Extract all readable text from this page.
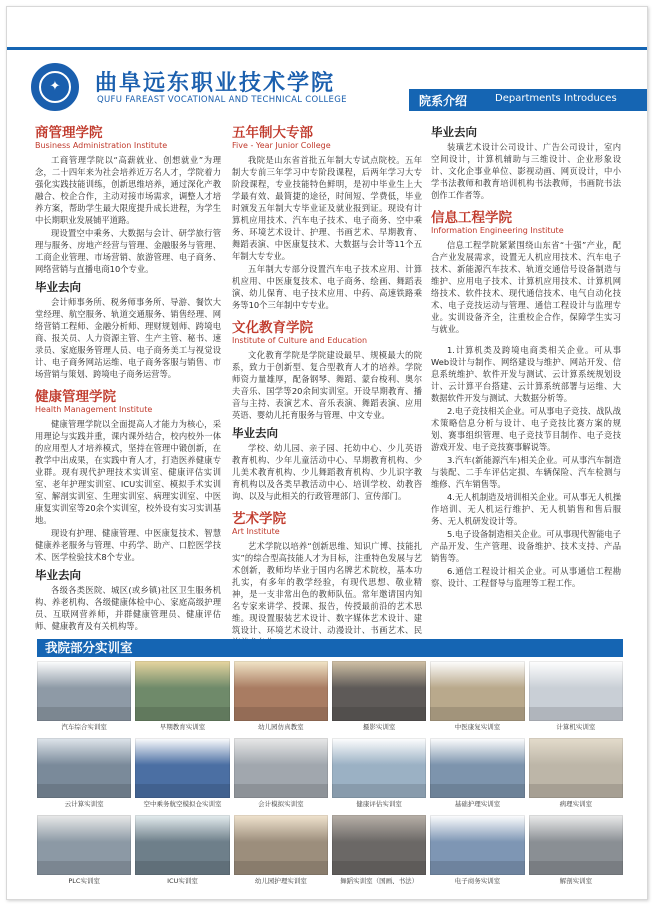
✦ 曲阜远东职业技术学院
QUFU FAREAST VOCATIONAL AND TECHNICAL COLLEGE	院系介绍	Departments Introduces
商管理学院
Business Administration Institute

工商管理学院以“高薪就业、创想就业”为理念，二十四年来为社会培养近万名人才，学院着力强化实践技能训练，创新思维培养，通过深化产教融合、校企合作，主动对接市场需求，调整人才培养方案，帮助学生最大限度提升成长进程，为学生中长期职业发展铺平道路。

现设置空中乘务、大数据与会计、研学旅行管理与服务、房地产经营与管理、金融服务与管理、工商企业管理、市场营销、旅游管理、电子商务、网络营销与直播电商10个专业。

毕业去向

会计师事务所、税务师事务所、导游、餐饮大堂经理、航空服务、轨道交通服务、销售经理、网络营销工程师、金融分析师、理财规划师、跨境电商、报关员、人力资源主管、生产主管、秘书、速录员、家庭服务管理人员、电子商务美工与视觉设计、电子商务网站运维、电子商务客服与销售、市场营销与策划、跨境电子商务运营等。

健康管理学院
Health Management Institute

健康管理学院以全面提高人才能力为核心，采用理论与实践并重，课内课外结合，校内校外一体的应用型人才培养模式，坚持在管理中锻创新，在教学中出成果，在实践中育人才，打造医养健康专业群。现有现代护理技术实训室、健康评估实训室、老年护理实训室、ICU实训室、模拟手术实训室、解剖实训室、生理实训室、病理实训室、中医康复实训室等20余个实训室，校外设有实习实训基地。

现设有护理、健康管理、中医康复技术、智慧健康养老服务与管理、中药学、助产、口腔医学技术、医学检验技术8个专业。

毕业去向

各级各类医院、城区(或乡镇)社区卫生服务机构、养老机构、各级健康体检中心、家庭高级护理员、互联网营养师，并群健康管理员、健康评估师、健康教育及有关机构等。

五年制大专部
Five - Year Junior College

我院是山东省首批五年制大专试点院校。五年制大专前三年学习中专阶段课程，后两年学习大专阶段课程，专业技能特色鲜明，是初中毕业生上大学最有效、最简捷的途径，时间短、学费低，毕业时颁发五年制大专毕业证及就业报到证。现设有计算机应用技术、汽车电子技术、电子商务、空中乘务、环境艺术设计、护理、书画艺术、早期教育、舞蹈表演、中医康复技术、大数据与会计等11个五年制大专专业。

五年制大专部分设置汽车电子技术应用、计算机应用、中医康复技术、电子商务、绘画、舞蹈表演、幼儿保育、电子技术应用、中药、高速铁路乘务等10个三年制中专专业。

文化教育学院
Institute of Culture and Education

文化教育学院是学院建设最早、规模最大的院系，致力于创新型、复合型教育人才的培养。学院师资力量雄厚，配备钢琴、舞蹈、蒙台梭利、奥尔夫音乐、国学等20余间实训室。开设早期教育、播音与主持、表演艺术、音乐表演、舞蹈表演、应用英语、婴幼儿托育服务与管理、中文专业。

毕业去向

学校、幼儿园、亲子园、托幼中心、少儿英语教育机构、少年儿童活动中心、早期教育机构、少儿美术教育机构、少儿舞蹈教育机构、少儿识字教育机构以及各类早教活动中心、培训学校、幼教咨询、以及与此相关的行政管理部门、宣传部门。

艺术学院
Art Institute

艺术学院以培养“创新思维、知识广博、技能扎实”的综合型高技能人才为目标，注重特色发展与艺术创新，教师均毕业于国内名牌艺术院校，基本功扎实，有多年的教学经验，有现代思想、敬业精神，是一支非常出色的教师队伍。常年邀请国内知名专家来讲学、授课、报告，传授最前沿的艺术思维。现设置服装艺术设计、数字媒体艺术设计、建筑设计、环境艺术设计、动漫设计、书画艺术、民

毕业去向

装璜艺术设计公司设计、广告公司设计，室内空间设计，计算机辅助与三维设计、企业形象设计、文化企事业单位、影视动画、网页设计，中小学书法教师和教育培训机构书法教师，书画院书法创作工作者等。

信息工程学院
Information Engineering Institute

信息工程学院紧紧围绕山东省“十强”产业，配合产业发展需求，设置无人机应用技术、汽车电子技术、新能源汽车技术、轨道交通信号设备制造与维护、应用电子技术、计算机应用技术、计算机网络技术、软件技术、现代通信技术、电气自动化技术、电子竞技运动与管理、通信工程设计与监理专业。实训设备齐全，注重校企合作，保障学生实习与就业。

1.计算机类及跨境电商类相关企业。可从事Web设计与制作、网络建设与维护、网站开发、信息系统维护、软件开发与测试、云计算系统规划设计、云计算平台搭建、云计算系统部署与运维、大数据软件开发与测试、大数据分析等。

2.电子竞技相关企业。可从事电子竞技、战队战术策略信息分析与设计、电子竞技比赛方案的规划、赛事组织管理、电子竞技节目制作、电子竞技游戏开发、电子竞技赛事解说等。

3.汽车(新能源汽车)相关企业。可从事汽车制造与装配、二手车评估定损、车辆保险、汽车检测与维修、汽车销售等。

4.无人机制造及培训相关企业。可从事无人机操作培训、无人机运行维护、无人机销售和售后服务、无人机研发设计等。

5.电子设备制造相关企业。可从事现代智能电子产品开发、生产管理、设备维护、技术支持、产品销售等。

6.通信工程设计相关企业。可从事通信工程勘察、设计、工程督导与监理等工程工作。

我院部分实训室
汽车综合实训室	早期教育实训室	幼儿园仿真教室	摄影实训室	中医康复实训室	计算机实训室
云计算实训室	空中乘务航空模拟仓实训室	会计模拟实训室	健康评估实训室	基础护理实训室	病理实训室
PLC实训室	ICU实训室	幼儿园护理实训室	舞蹈实训室（国画、书法）	电子商务实训室	解剖实训室
